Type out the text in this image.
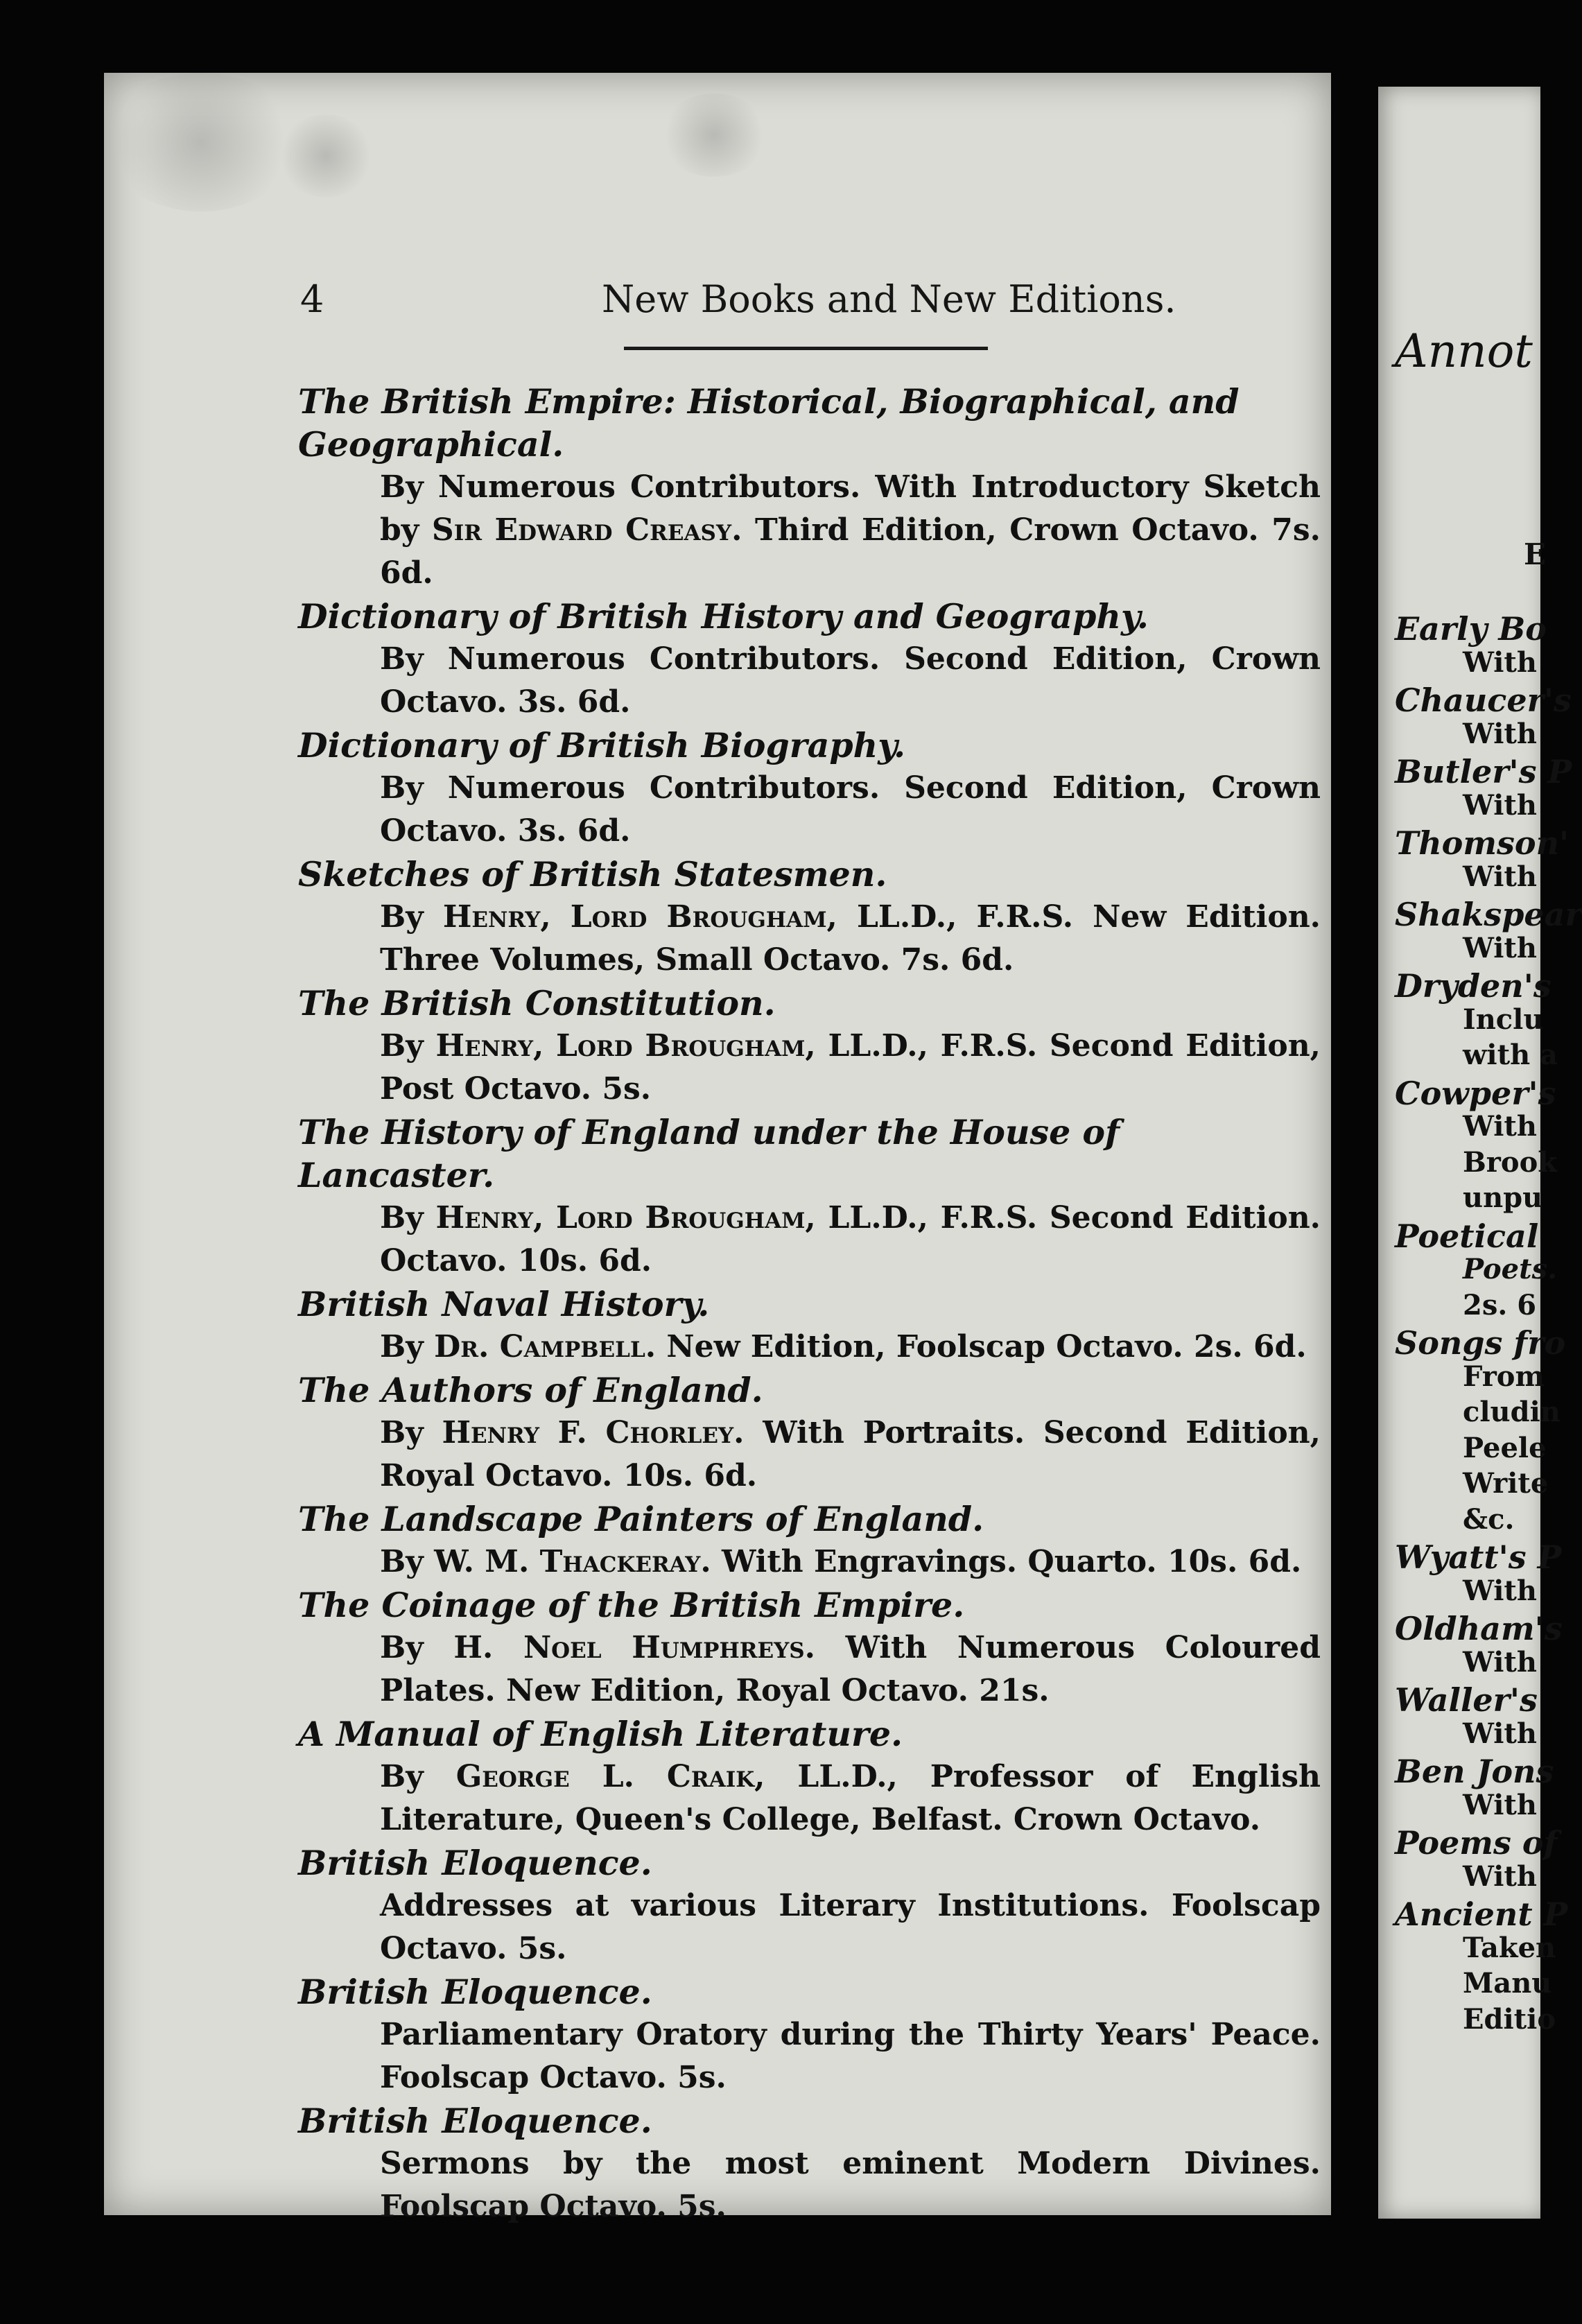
4	New Books and New Editions.
The British Empire: Historical, Biographical, and Geographical.
By Numerous Contributors. With Introductory Sketch by Sir Edward Creasy. Third Edition, Crown Octavo. 7s. 6d.
Dictionary of British History and Geography.
By Numerous Contributors. Second Edition, Crown Octavo. 3s. 6d.
Dictionary of British Biography.
By Numerous Contributors. Second Edition, Crown Octavo. 3s. 6d.
Sketches of British Statesmen.
By Henry, Lord Brougham, LL.D., F.R.S. New Edition. Three Volumes, Small Octavo. 7s. 6d.
The British Constitution.
By Henry, Lord Brougham, LL.D., F.R.S. Second Edition, Post Octavo. 5s.
The History of England under the House of Lancaster.
By Henry, Lord Brougham, LL.D., F.R.S. Second Edition. Octavo. 10s. 6d.
British Naval History.
By Dr. Campbell. New Edition, Foolscap Octavo. 2s. 6d.
The Authors of England.
By Henry F. Chorley. With Portraits. Second Edition, Royal Octavo. 10s. 6d.
The Landscape Painters of England.
By W. M. Thackeray. With Engravings. Quarto. 10s. 6d.
The Coinage of the British Empire.
By H. Noel Humphreys. With Numerous Coloured Plates. New Edition, Royal Octavo. 21s.
A Manual of English Literature.
By George L. Craik, LL.D., Professor of English Literature, Queen's College, Belfast. Crown Octavo.
British Eloquence.
Addresses at various Literary Institutions. Foolscap Octavo. 5s.
British Eloquence.
Parliamentary Oratory during the Thirty Years' Peace. Foolscap Octavo. 5s.
British Eloquence.
Sermons by the most eminent Modern Divines. Foolscap Octavo. 5s.
Annot
E
Early Bo
With
Chaucer's
With
Butler's P
With
Thomson'
With
Shakspear
With
Dryden's
Inclu
with a
Cowper's
With
Brook
unpu
Poetical
Poets.
2s. 6
Songs fro
From
cludin
Peele
Write
&c.
Wyatt's P
With
Oldham's
With
Waller's
With
Ben Jons
With
Poems of
With
Ancient P
Taken
Manu
Editio
